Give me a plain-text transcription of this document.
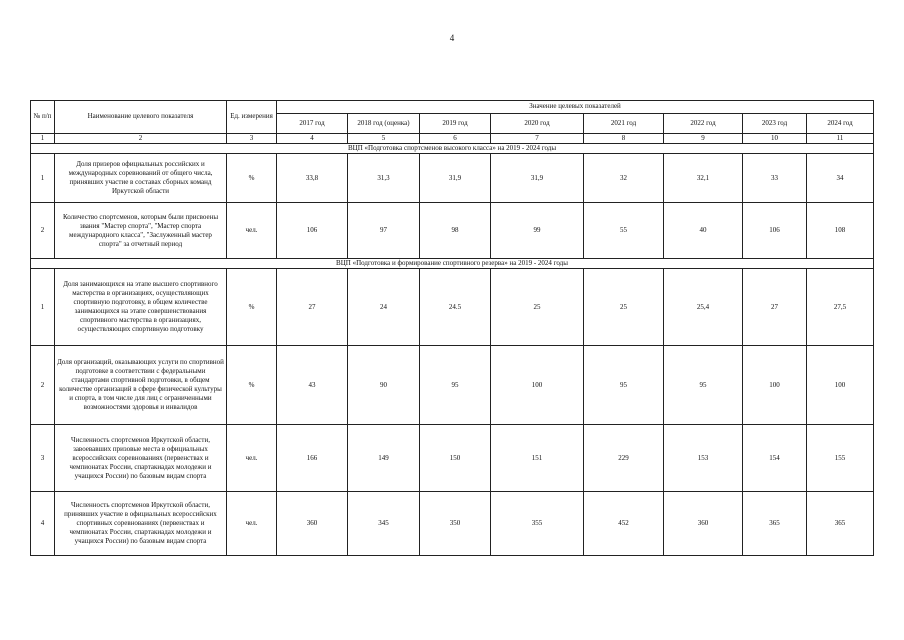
4
№ п/п	Наименование целевого показателя	Ед. измерения	Значение целевых показателей							
			2017 год	2018 год (оценка)	2019 год	2020 год	2021 год	2022 год	2023 год	2024 год
1	2	3	4	5	6	7	8	9	10	11
ВЦП «Подготовка спортсменов высокого класса» на 2019 - 2024 годы										
1	Доля призеров официальных российских и международных соревнований от общего числа, принявших участие в составах сборных команд Иркутской области	%	33,8	31,3	31,9	31,9	32	32,1	33	34
2	Количество спортсменов, которым были присвоены звания "Мастер спорта", "Мастер спорта международного класса", "Заслуженный мастер спорта" за отчетный период	чел.	106	97	98	99	55	40	106	108
ВЦП «Подготовка и формирование спортивного резерва» на 2019 - 2024 годы										
1	Доля занимающихся на этапе высшего спортивного мастерства в организациях, осуществляющих спортивную подготовку, в общем количестве занимающихся на этапе совершенствования спортивного мастерства в организациях, осуществляющих спортивную подготовку	%	27	24	24.5	25	25	25,4	27	27,5
2	Доля организаций, оказывающих услуги по спортивной подготовке в соответствии с федеральными стандартами спортивной подготовки, в общем количестве организаций в сфере физической культуры и спорта, в том числе для лиц с ограниченными возможностями здоровья и инвалидов	%	43	90	95	100	95	95	100	100
3	Численность спортсменов Иркутской области, завоевавших призовые места в официальных всероссийских соревнованиях (первенствах и чемпионатах России, спартакиадах молодежи и учащихся России) по базовым видам спорта	чел.	166	149	150	151	229	153	154	155
4	Численность спортсменов Иркутской области, принявших участие в официальных всероссийских спортивных соревнованиях (первенствах и чемпионатах России, спартакиадах молодежи и учащихся России) по базовым видам спорта	чел.	360	345	350	355	452	360	365	365
